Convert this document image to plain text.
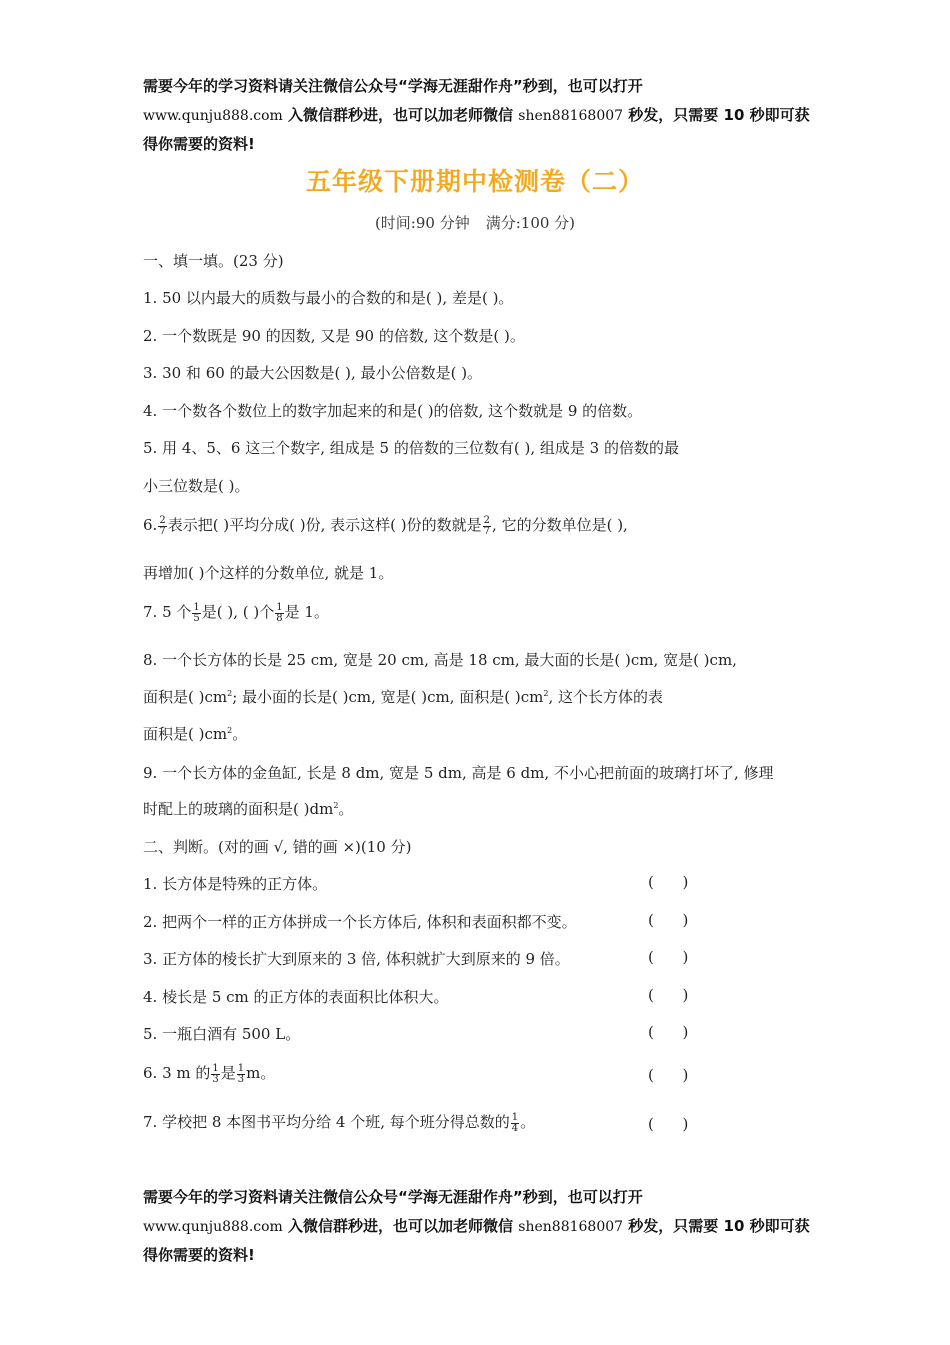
需要今年的学习资料请关注微信公众号“学海无涯甜作舟”秒到，也可以打开
www.qunju888.com 入微信群秒进，也可以加老师微信 shen88168007 秒发，只需要 10 秒即可获
得你需要的资料!
五年级下册期中检测卷（二）
(时间:90 分钟 满分:100 分)
一、填一填。(23 分)
1. 50 以内最大的质数与最小的合数的和是( ), 差是( )。
2. 一个数既是 90 的因数, 又是 90 的倍数, 这个数是( )。
3. 30 和 60 的最大公因数是( ), 最小公倍数是( )。
4. 一个数各个数位上的数字加起来的和是( )的倍数, 这个数就是 9 的倍数。
5. 用 4、5、6 这三个数字, 组成是 5 的倍数的三位数有( ), 组成是 3 的倍数的最
小三位数是( )。
6. $\frac{2}{7}$ 表示把( )平均分成( )份, 表示这样( )份的数就是 $\frac{2}{7}$ , 它的分数单位是( ),
再增加( )个这样的分数单位, 就是 1。
7. 5 个 $\frac{1}{5}$ 是( ), ( )个 $\frac{1}{8}$ 是 1。
8. 一个长方体的长是 25 cm, 宽是 20 cm, 高是 18 cm, 最大面的长是( )cm, 宽是( )cm,
面积是( )$cm^2$; 最小面的长是( )cm, 宽是( )cm, 面积是( )$cm^2$, 这个长方体的表
面积是( )$cm^2$。
9. 一个长方体的金鱼缸, 长是 8 dm, 宽是 5 dm, 高是 6 dm, 不小心把前面的玻璃打坏了, 修理
时配上的玻璃的面积是( )$dm^2$。
二、判断。(对的画 √, 错的画 ×)(10 分)
1. 长方体是特殊的正方体。	(      )
2. 把两个一样的正方体拼成一个长方体后, 体积和表面积都不变。	(      )
3. 正方体的棱长扩大到原来的 3 倍, 体积就扩大到原来的 9 倍。	(      )
4. 棱长是 5 cm 的正方体的表面积比体积大。	(      )
5. 一瓶白酒有 500 L。	(      )
6. 3 m 的 $\frac{1}{3}$ 是 $\frac{1}{3}$ m。	(      )
7. 学校把 8 本图书平均分给 4 个班, 每个班分得总数的 $\frac{1}{4}$ 。	(      )
需要今年的学习资料请关注微信公众号“学海无涯甜作舟”秒到，也可以打开
www.qunju888.com 入微信群秒进，也可以加老师微信 shen88168007 秒发，只需要 10 秒即可获
得你需要的资料!
